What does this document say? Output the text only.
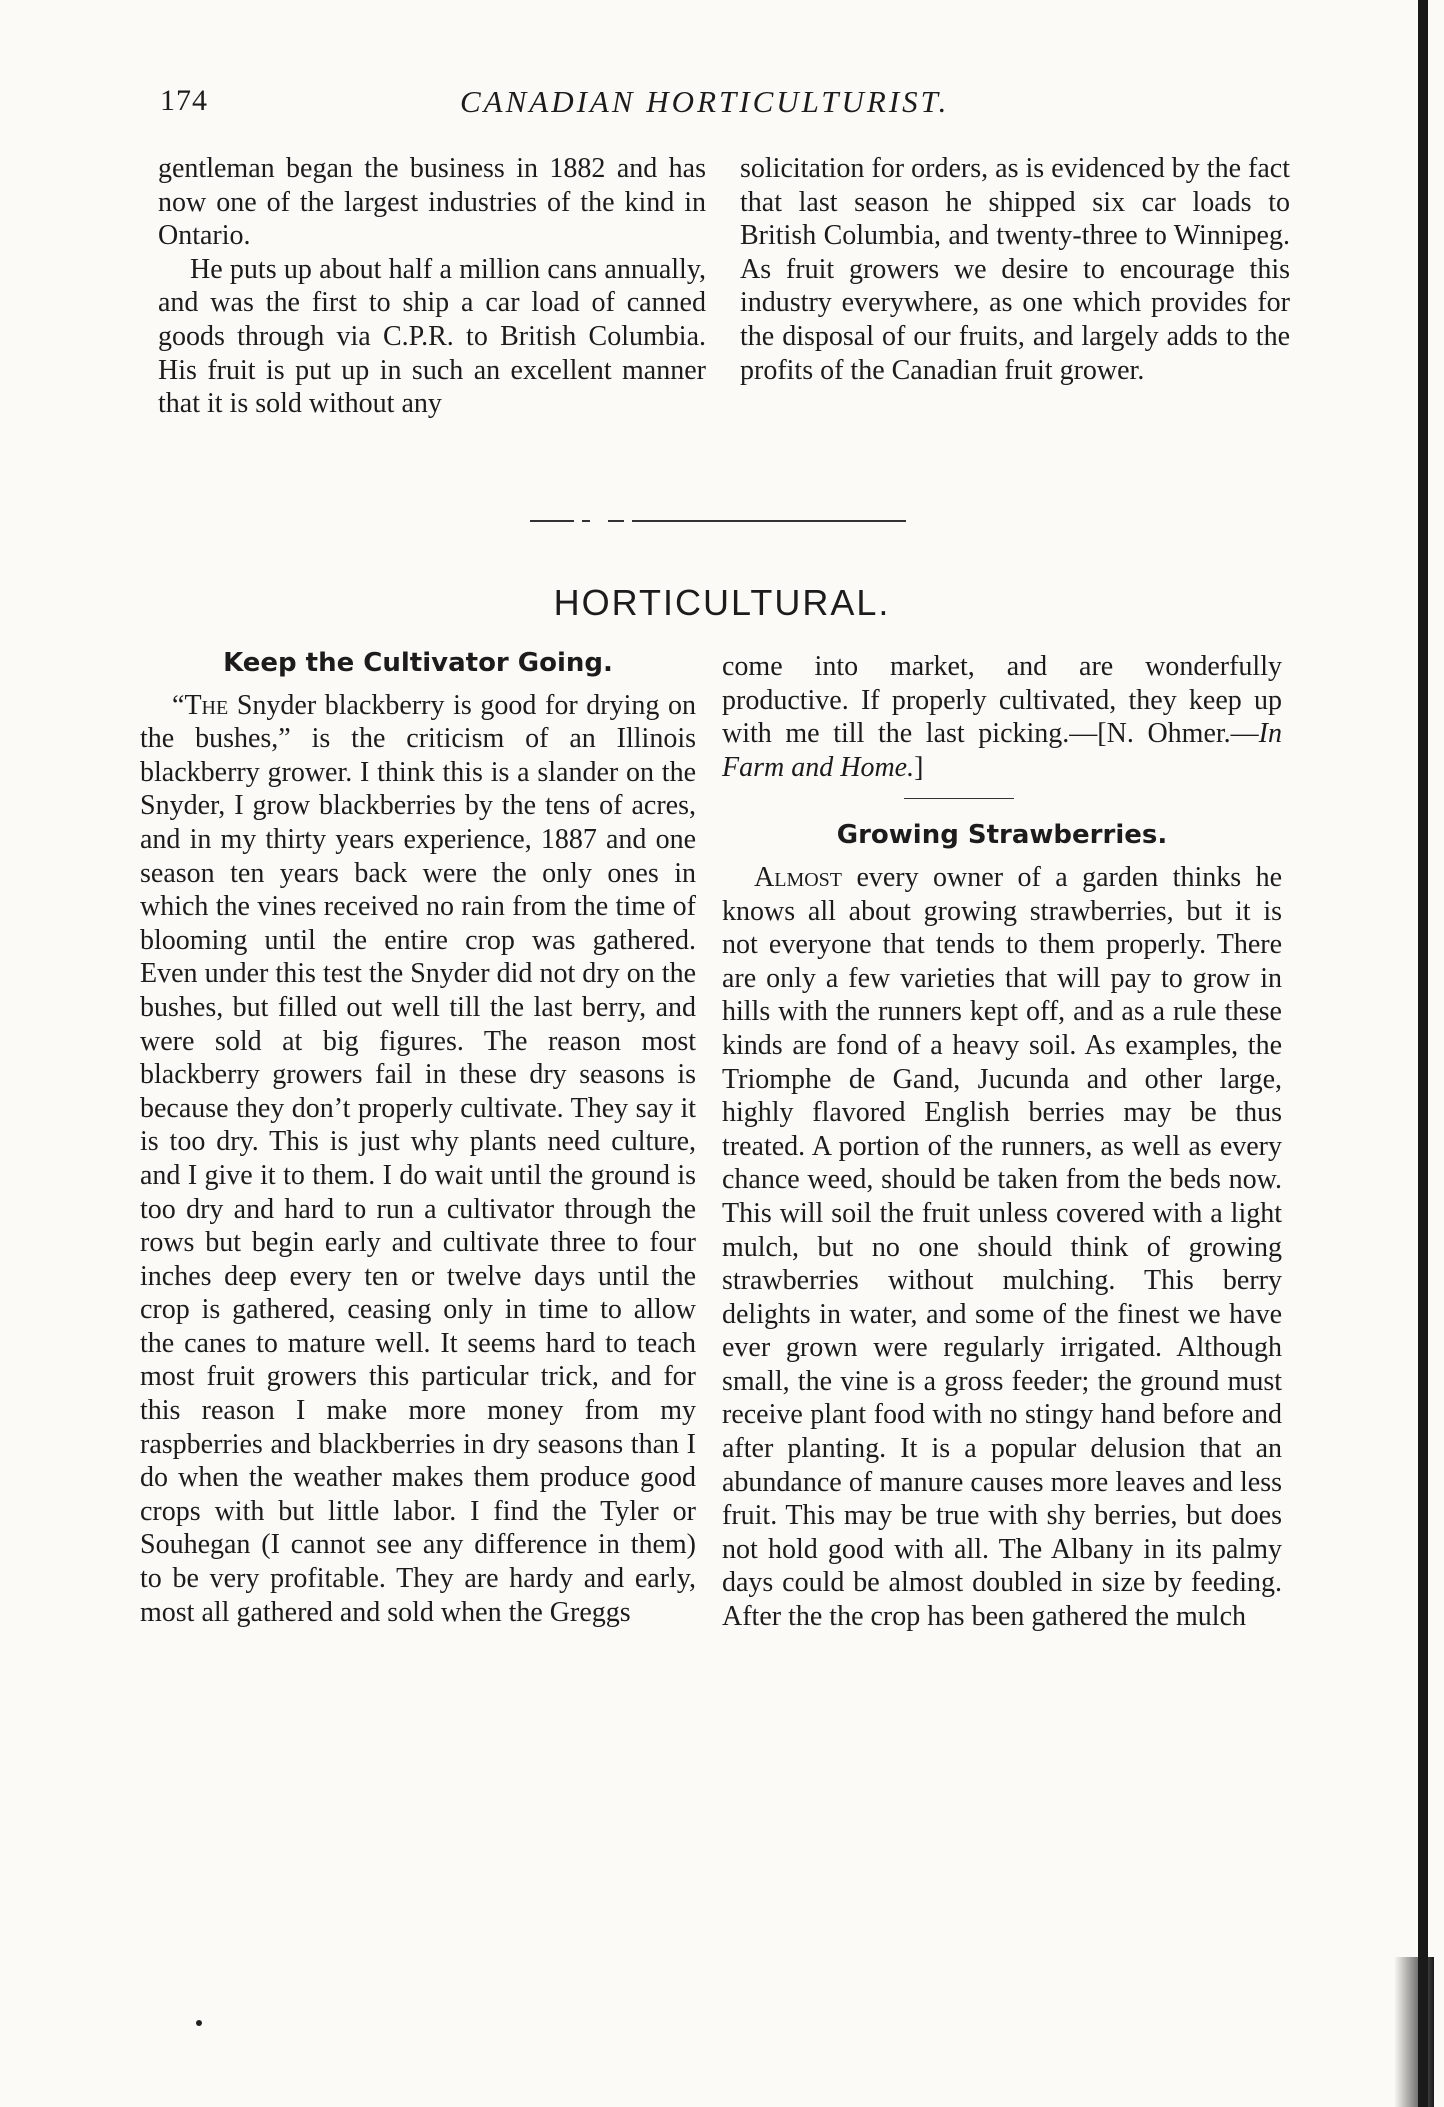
174	CANADIAN HORTICULTURIST.

gentleman began the business in 1882 and has now one of the largest industries of the kind in Ontario.

He puts up about half a million cans annually, and was the first to ship a car load of canned goods through via C.P.R. to British Columbia. His fruit is put up in such an excellent manner that it is sold without any

solicitation for orders, as is evidenced by the fact that last season he shipped six car loads to British Columbia, and twenty-three to Winnipeg. As fruit growers we desire to encourage this industry everywhere, as one which provides for the disposal of our fruits, and largely adds to the profits of the Canadian fruit grower.

HORTICULTURAL.
Keep the Cultivator Going.

“The Snyder blackberry is good for drying on the bushes,” is the criticism of an Illinois blackberry grower. I think this is a slander on the Snyder, I grow blackberries by the tens of acres, and in my thirty years experience, 1887 and one season ten years back were the only ones in which the vines received no rain from the time of blooming until the entire crop was gathered. Even under this test the Snyder did not dry on the bushes, but filled out well till the last berry, and were sold at big figures. The reason most blackberry growers fail in these dry seasons is because they don’t properly cultivate. They say it is too dry. This is just why plants need culture, and I give it to them. I do wait until the ground is too dry and hard to run a cultivator through the rows but begin early and cultivate three to four inches deep every ten or twelve days until the crop is gathered, ceasing only in time to allow the canes to mature well. It seems hard to teach most fruit growers this particular trick, and for this reason I make more money from my raspberries and blackberries in dry seasons than I do when the weather makes them produce good crops with but little labor. I find the Tyler or Souhegan (I cannot see any difference in them) to be very profitable. They are hardy and early, most all gathered and sold when the Greggs

come into market, and are wonderfully productive. If properly cultivated, they keep up with me till the last picking.—[N. Ohmer.—In Farm and Home.]

Growing Strawberries.

Almost every owner of a garden thinks he knows all about growing strawberries, but it is not everyone that tends to them properly. There are only a few varieties that will pay to grow in hills with the runners kept off, and as a rule these kinds are fond of a heavy soil. As examples, the Triomphe de Gand, Jucunda and other large, highly flavored English berries may be thus treated. A portion of the runners, as well as every chance weed, should be taken from the beds now. This will soil the fruit unless covered with a light mulch, but no one should think of growing strawberries without mulching. This berry delights in water, and some of the finest we have ever grown were regularly irrigated. Although small, the vine is a gross feeder; the ground must receive plant food with no stingy hand before and after planting. It is a popular delusion that an abundance of manure causes more leaves and less fruit. This may be true with shy berries, but does not hold good with all. The Albany in its palmy days could be almost doubled in size by feeding. After the the crop has been gathered the mulch
